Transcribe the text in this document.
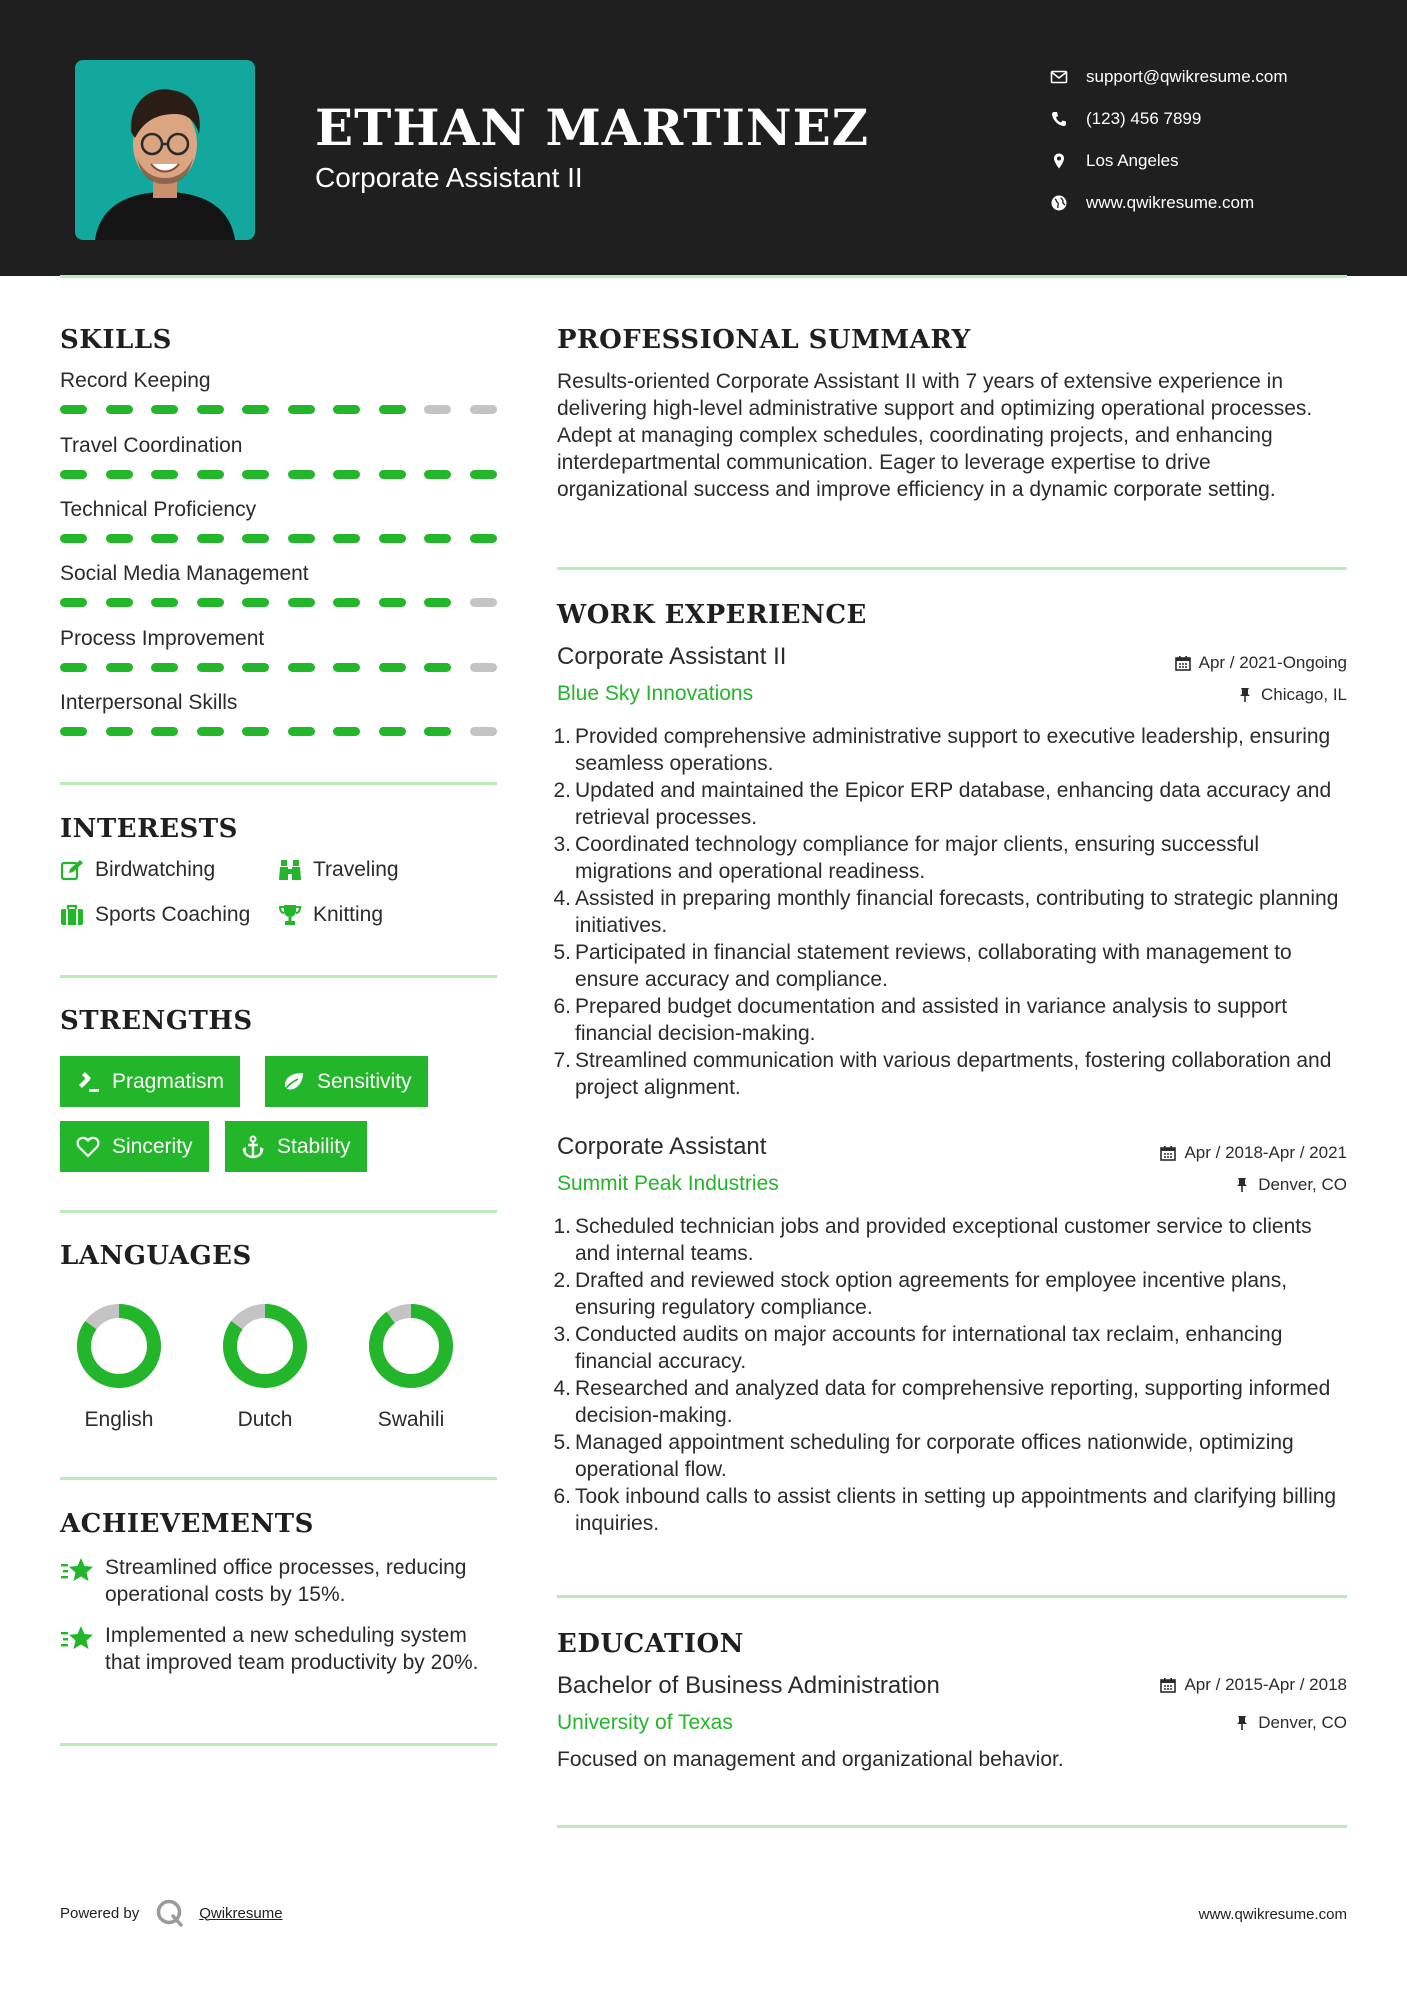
ETHAN MARTINEZ
Corporate Assistant II
support@qwikresume.com
(123) 456 7899
Los Angeles
www.qwikresume.com
SKILLS
Record Keeping
Travel Coordination
Technical Proficiency
Social Media Management
Process Improvement
Interpersonal Skills
INTERESTS
Birdwatching	Traveling
Sports Coaching	Knitting
STRENGTHS
Pragmatism	Sensitivity
Sincerity	Stability
LANGUAGES
English	Dutch	Swahili
ACHIEVEMENTS
Streamlined office processes, reducing operational costs by 15%.
Implemented a new scheduling system that improved team productivity by 20%.
PROFESSIONAL SUMMARY
Results-oriented Corporate Assistant II with 7 years of extensive experience in delivering high-level administrative support and optimizing operational processes. Adept at managing complex schedules, coordinating projects, and enhancing interdepartmental communication. Eager to leverage expertise to drive organizational success and improve efficiency in a dynamic corporate setting.
WORK EXPERIENCE
Corporate Assistant II	Apr / 2021-Ongoing
Blue Sky Innovations	Chicago, IL
1. Provided comprehensive administrative support to executive leadership, ensuring seamless operations.
2. Updated and maintained the Epicor ERP database, enhancing data accuracy and retrieval processes.
3. Coordinated technology compliance for major clients, ensuring successful migrations and operational readiness.
4. Assisted in preparing monthly financial forecasts, contributing to strategic planning initiatives.
5. Participated in financial statement reviews, collaborating with management to ensure accuracy and compliance.
6. Prepared budget documentation and assisted in variance analysis to support financial decision-making.
7. Streamlined communication with various departments, fostering collaboration and project alignment.
Corporate Assistant	Apr / 2018-Apr / 2021
Summit Peak Industries	Denver, CO
1. Scheduled technician jobs and provided exceptional customer service to clients and internal teams.
2. Drafted and reviewed stock option agreements for employee incentive plans, ensuring regulatory compliance.
3. Conducted audits on major accounts for international tax reclaim, enhancing financial accuracy.
4. Researched and analyzed data for comprehensive reporting, supporting informed decision-making.
5. Managed appointment scheduling for corporate offices nationwide, optimizing operational flow.
6. Took inbound calls to assist clients in setting up appointments and clarifying billing inquiries.
EDUCATION
Bachelor of Business Administration	Apr / 2015-Apr / 2018
University of Texas	Denver, CO
Focused on management and organizational behavior.
Powered by	Qwikresume	www.qwikresume.com
